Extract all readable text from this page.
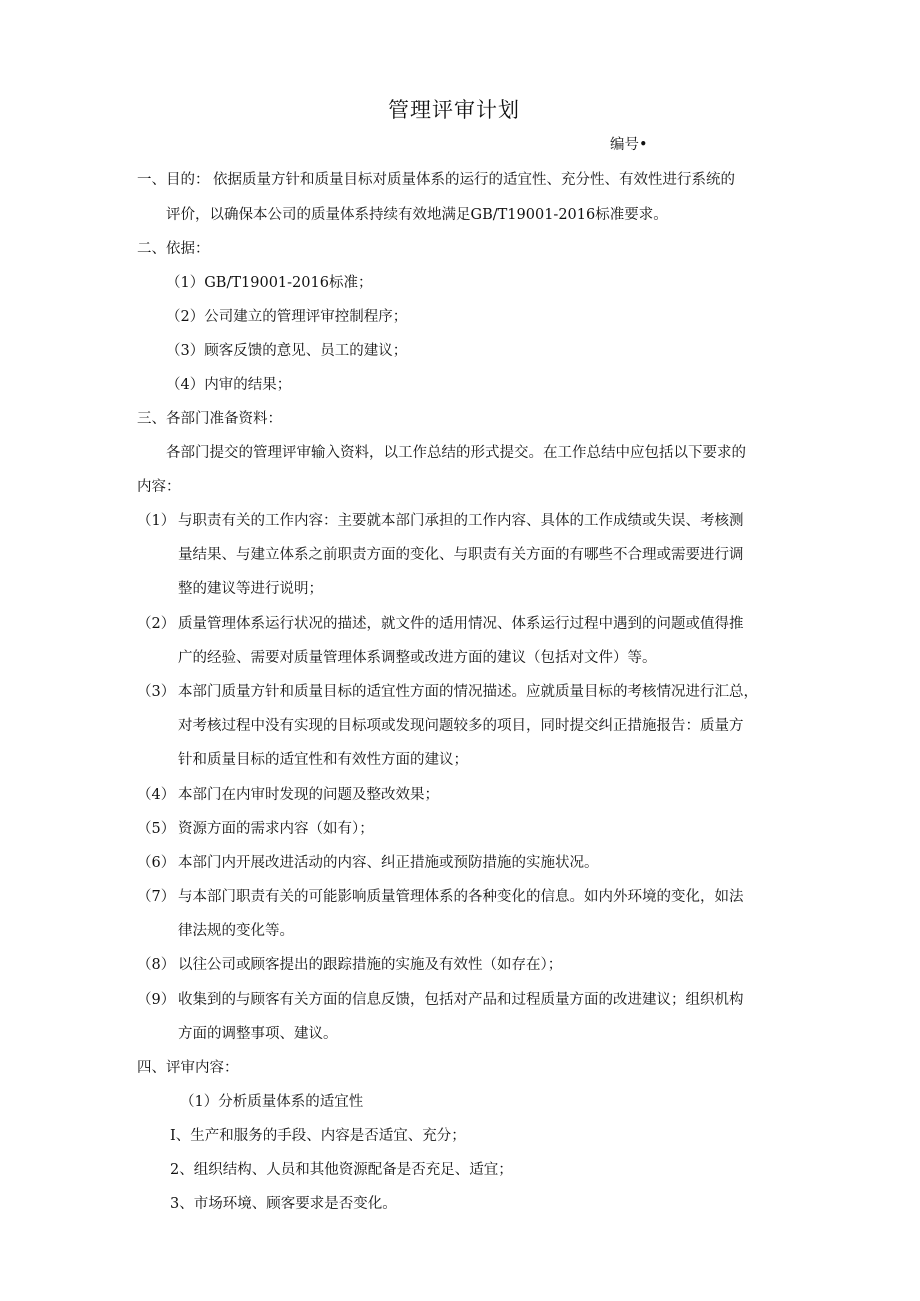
管理评审计划
编号•
一、目的： 依据质量方针和质量目标对质量体系的运行的适宜性、充分性、有效性进行系统的
评价，以确保本公司的质量体系持续有效地满足GB/T19001-2016标准要求。
二、依据：
（1）GB/T19001-2016标准；
（2）公司建立的管理评审控制程序；
（3）顾客反馈的意见、员工的建议；
（4）内审的结果；
三、各部门准备资料：
各部门提交的管理评审输入资料，以工作总结的形式提交。在工作总结中应包括以下要求的
内容：
（1） 与职责有关的工作内容：主要就本部门承担的工作内容、具体的工作成绩或失误、考核测
量结果、与建立体系之前职责方面的变化、与职责有关方面的有哪些不合理或需要进行调
整的建议等进行说明；
（2） 质量管理体系运行状况的描述，就文件的适用情况、体系运行过程中遇到的问题或值得推
广的经验、需要对质量管理体系调整或改进方面的建议（包括对文件）等。
（3） 本部门质量方针和质量目标的适宜性方面的情况描述。应就质量目标的考核情况进行汇总，
对考核过程中没有实现的目标项或发现问题较多的项目，同时提交纠正措施报告：质量方
针和质量目标的适宜性和有效性方面的建议；
（4） 本部门在内审时发现的问题及整改效果；
（5） 资源方面的需求内容（如有）；
（6） 本部门内开展改进活动的内容、纠正措施或预防措施的实施状况。
（7） 与本部门职责有关的可能影响质量管理体系的各种变化的信息。如内外环境的变化，如法
律法规的变化等。
（8） 以往公司或顾客提出的跟踪措施的实施及有效性（如存在）；
（9） 收集到的与顾客有关方面的信息反馈，包括对产品和过程质量方面的改进建议；组织机构
方面的调整事项、建议。
四、评审内容：
（1）分析质量体系的适宜性
I、生产和服务的手段、内容是否适宜、充分；
2、组织结构、人员和其他资源配备是否充足、适宜；
3、市场环境、顾客要求是否变化。
